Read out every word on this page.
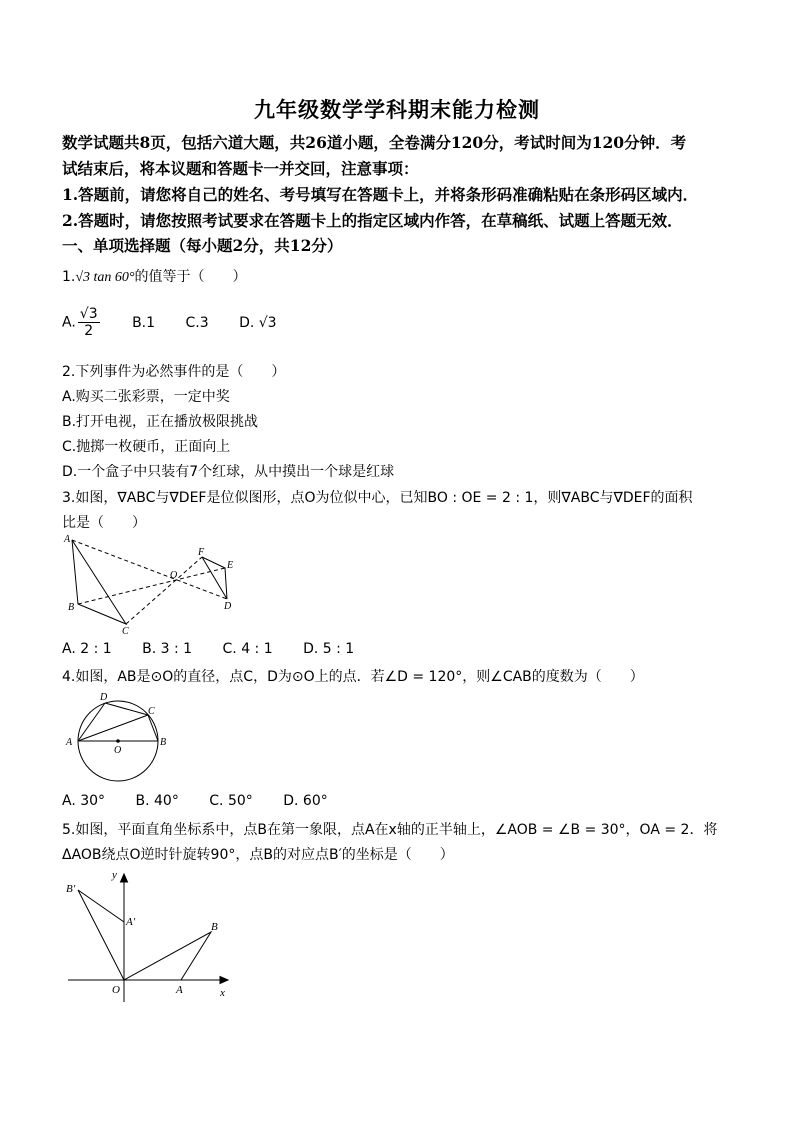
九年级数学学科期末能力检测
数学试题共8页，包括六道大题，共26道小题，全卷满分120分，考试时间为120分钟．考
试结束后，将本议题和答题卡一并交回，注意事项：
1.答题前，请您将自己的姓名、考号填写在答题卡上，并将条形码准确粘贴在条形码区域内．
2.答题时，请您按照考试要求在答题卡上的指定区域内作答，在草稿纸、试题上答题无效．
一、单项选择题（每小题2分，共12分）
1.√3 tan 60°的值等于（　　）
A. $\frac{√3}{2} B.1$ C.3 D. √3
2.下列事件为必然事件的是（　　）
A.购买二张彩票，一定中奖
B.打开电视，正在播放极限挑战
C.抛掷一枚硬币，正面向上
D.一个盒子中只装有7个红球，从中摸出一个球是红球
3.如图，∇ABC与∇DEF是位似图形，点O为位似中心，已知BO : OE = 2 : 1，则∇ABC与∇DEF的面积
比是（　　）
A
B
C
O
F
E
D
A. 2 : 1 B. 3 : 1 C. 4 : 1 D. 5 : 1
4.如图，AB是⊙O的直径，点C，D为⊙O上的点．若∠D = 120°，则∠CAB的度数为（　　）
D
C
A	B
O
A. 30° B. 40° C. 50° D. 60°
5.如图，平面直角坐标系中，点B在第一象限，点A在x轴的正半轴上，∠AOB = ∠B = 30°，OA = 2．将
ΔAOB绕点O逆时针旋转90°，点B的对应点B′的坐标是（　　）
y
x
O	A
B
A′
B′
